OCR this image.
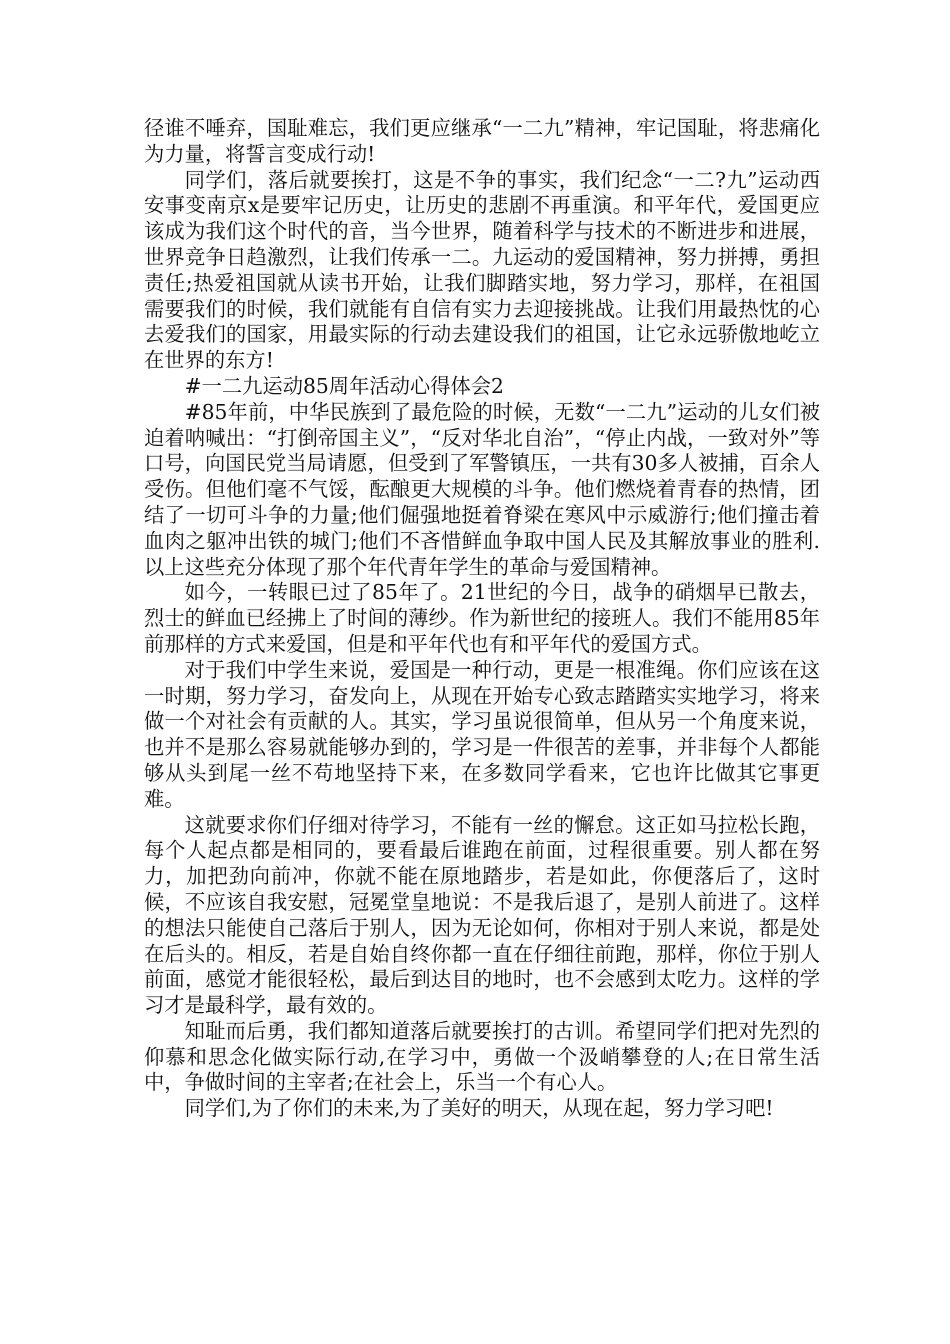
径谁不唾弃，国耻难忘，我们更应继承“一二九”精神，牢记国耻，将悲痛化为力量，将誓言变成行动!

同学们，落后就要挨打，这是不争的事实，我们纪念“一二?九”运动西安事变南京x是要牢记历史，让历史的悲剧不再重演。和平年代，爱国更应该成为我们这个时代的音，当今世界，随着科学与技术的不断进步和进展，世界竞争日趋激烈，让我们传承一二。九运动的爱国精神，努力拼搏，勇担责任;热爱祖国就从读书开始，让我们脚踏实地，努力学习，那样，在祖国需要我们的时候，我们就能有自信有实力去迎接挑战。让我们用最热忱的心去爱我们的国家，用最实际的行动去建设我们的祖国，让它永远骄傲地屹立在世界的东方!

#一二九运动85周年活动心得体会2

#85年前，中华民族到了最危险的时候，无数“一二九”运动的儿女们被迫着呐喊出：“打倒帝国主义”，“反对华北自治”，“停止内战，一致对外”等口号，向国民党当局请愿，但受到了军警镇压，一共有30多人被捕，百余人受伤。但他们毫不气馁，酝酿更大规模的斗争。他们燃烧着青春的热情，团结了一切可斗争的力量;他们倔强地挺着脊梁在寒风中示威游行;他们撞击着血肉之躯冲出铁的城门;他们不吝惜鲜血争取中国人民及其解放事业的胜利.以上这些充分体现了那个年代青年学生的革命与爱国精神。

如今，一转眼已过了85年了。21世纪的今日，战争的硝烟早已散去，烈士的鲜血已经拂上了时间的薄纱。作为新世纪的接班人。我们不能用85年前那样的方式来爱国，但是和平年代也有和平年代的爱国方式。

对于我们中学生来说，爱国是一种行动，更是一根准绳。你们应该在这一时期，努力学习，奋发向上，从现在开始专心致志踏踏实实地学习，将来做一个对社会有贡献的人。其实，学习虽说很简单，但从另一个角度来说，也并不是那么容易就能够办到的，学习是一件很苦的差事，并非每个人都能够从头到尾一丝不苟地坚持下来，在多数同学看来，它也许比做其它事更难。

这就要求你们仔细对待学习，不能有一丝的懈怠。这正如马拉松长跑，每个人起点都是相同的，要看最后谁跑在前面，过程很重要。别人都在努力，加把劲向前冲，你就不能在原地踏步，若是如此，你便落后了，这时候，不应该自我安慰，冠冕堂皇地说：不是我后退了，是别人前进了。这样的想法只能使自己落后于别人，因为无论如何，你相对于别人来说，都是处在后头的。相反，若是自始自终你都一直在仔细往前跑，那样，你位于别人前面，感觉才能很轻松，最后到达目的地时，也不会感到太吃力。这样的学习才是最科学，最有效的。

知耻而后勇，我们都知道落后就要挨打的古训。希望同学们把对先烈的仰慕和思念化做实际行动,在学习中，勇做一个汲峭攀登的人;在日常生活中，争做时间的主宰者;在社会上，乐当一个有心人。

同学们,为了你们的未来,为了美好的明天，从现在起，努力学习吧!
